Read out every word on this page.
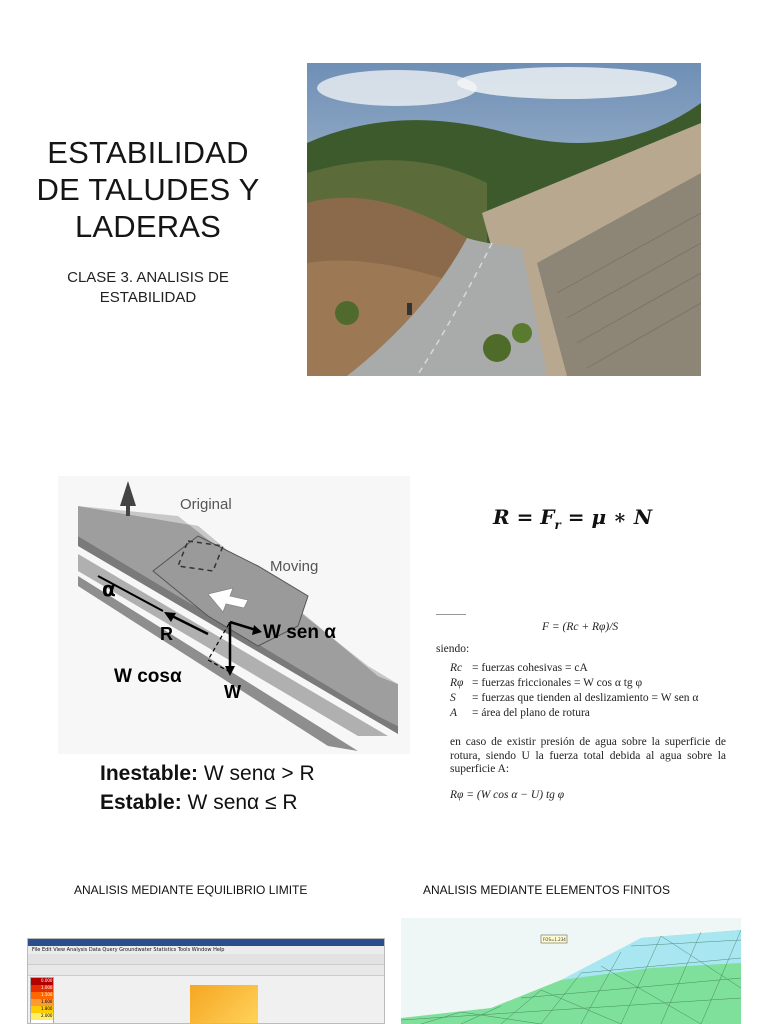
ESTABILIDAD
DE TALUDES Y
LADERAS
CLASE 3. ANALISIS DE
ESTABILIDAD
Original
Moving
α
R	W sen α
W cosα
W
Inestable: W senα > R
Estable: W senα ≤ R
$R = F_r = \mu$ ∗ N
F = (Rc + Rφ)/S
siendo:
Rc = fuerzas cohesivas = cA
Rφ = fuerzas friccionales = W cos α tg φ
S = fuerzas que tienden al deslizamiento = W sen α
A = área del plano de rotura
en caso de existir presión de agua sobre la superficie de rotura, siendo U la fuerza total debida al agua sobre la superficie A:
Rφ = (W cos α − U) tg φ
ANALISIS MEDIANTE EQUILIBRIO LIMITE	ANALISIS MEDIANTE ELEMENTOS FINITOS
File Edit View Analysis Data Query Groundwater Statistics Tools Window Help
0.000
1.000
1.500
1.600
1.800
2.000
FOS=1.234
